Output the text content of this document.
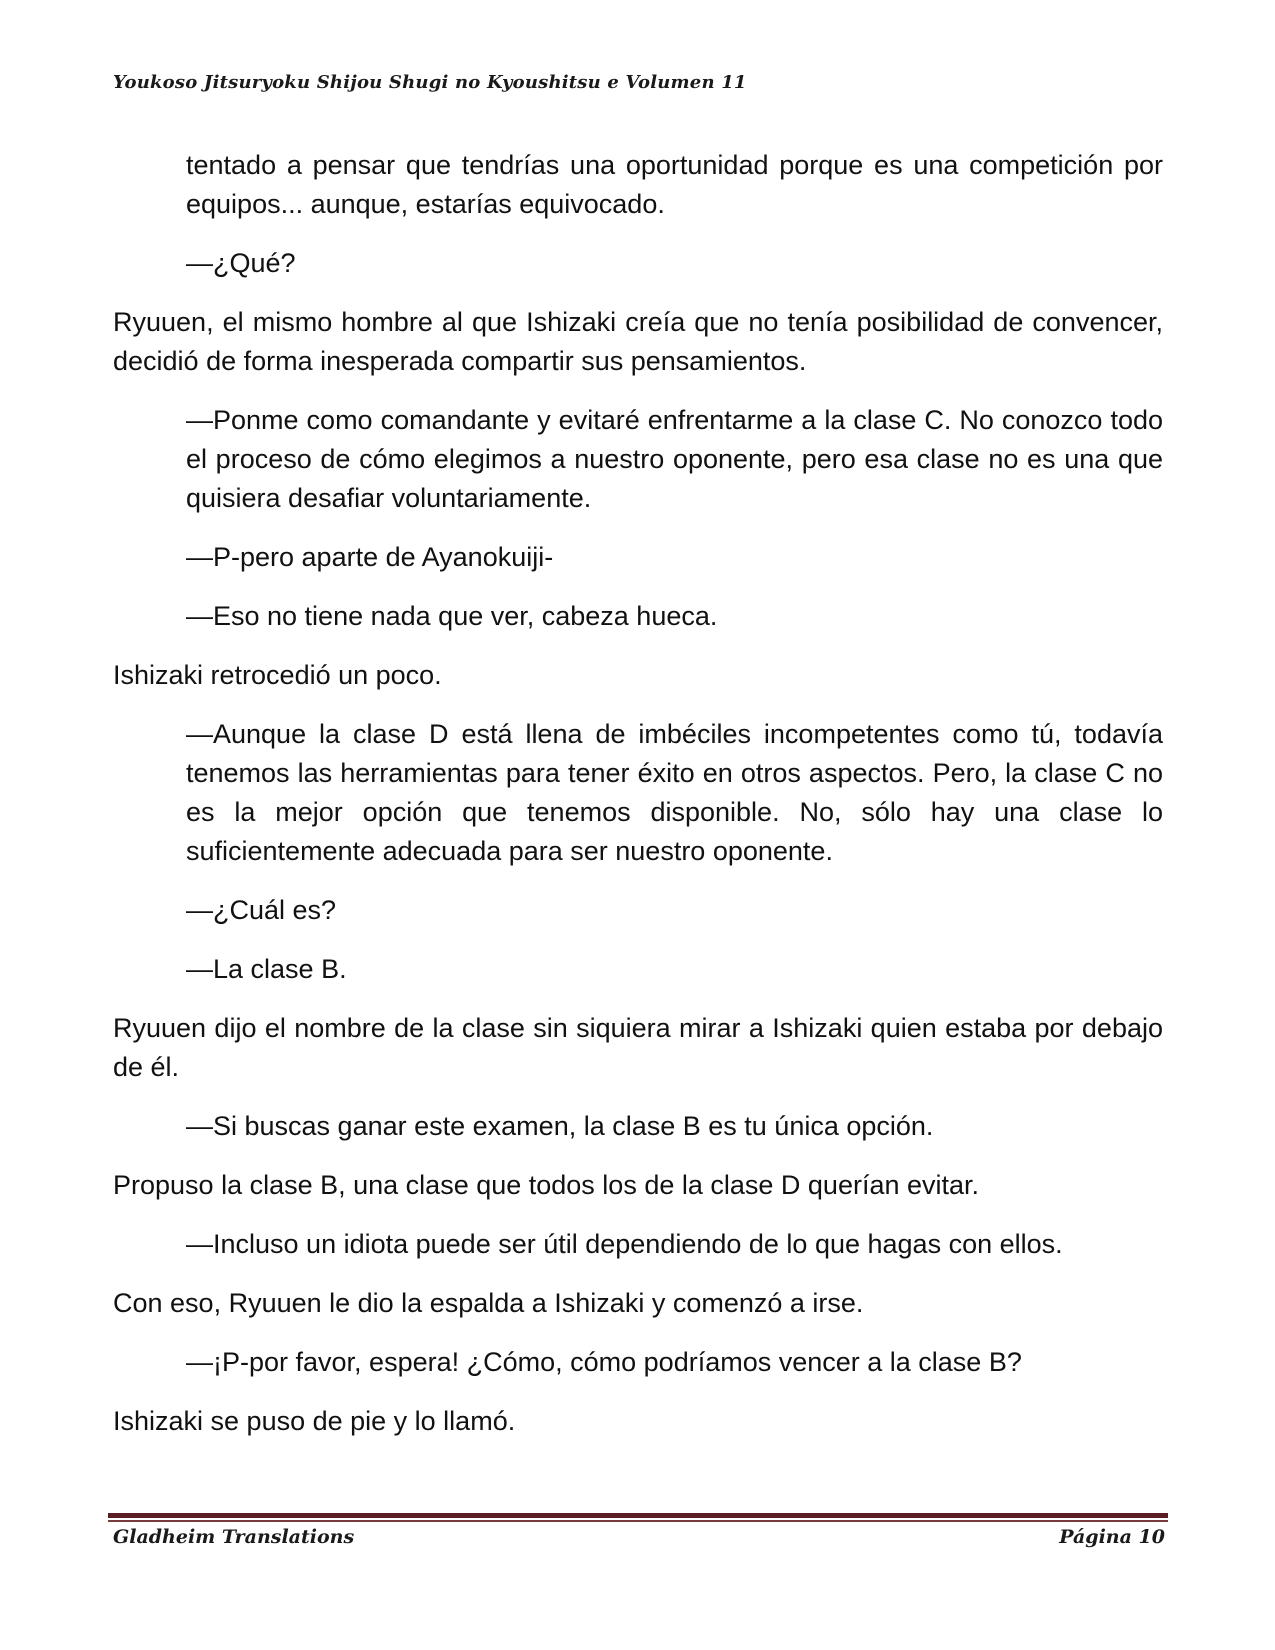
Youkoso Jitsuryoku Shijou Shugi no Kyoushitsu e Volumen 11

tentado a pensar que tendrías una oportunidad porque es una competición por equipos... aunque, estarías equivocado.

—¿Qué?

Ryuuen, el mismo hombre al que Ishizaki creía que no tenía posibilidad de convencer, decidió de forma inesperada compartir sus pensamientos.

—Ponme como comandante y evitaré enfrentarme a la clase C. No conozco todo el proceso de cómo elegimos a nuestro oponente, pero esa clase no es una que quisiera desafiar voluntariamente.

—P-pero aparte de Ayanokuiji-

—Eso no tiene nada que ver, cabeza hueca.

Ishizaki retrocedió un poco.

—Aunque la clase D está llena de imbéciles incompetentes como tú, todavía tenemos las herramientas para tener éxito en otros aspectos. Pero, la clase C no es la mejor opción que tenemos disponible. No, sólo hay una clase lo suficientemente adecuada para ser nuestro oponente.

—¿Cuál es?

—La clase B.

Ryuuen dijo el nombre de la clase sin siquiera mirar a Ishizaki quien estaba por debajo de él.

—Si buscas ganar este examen, la clase B es tu única opción.

Propuso la clase B, una clase que todos los de la clase D querían evitar.

—Incluso un idiota puede ser útil dependiendo de lo que hagas con ellos.

Con eso, Ryuuen le dio la espalda a Ishizaki y comenzó a irse.

—¡P-por favor, espera! ¿Cómo, cómo podríamos vencer a la clase B?

Ishizaki se puso de pie y lo llamó.

Gladheim Translations	Página 10
